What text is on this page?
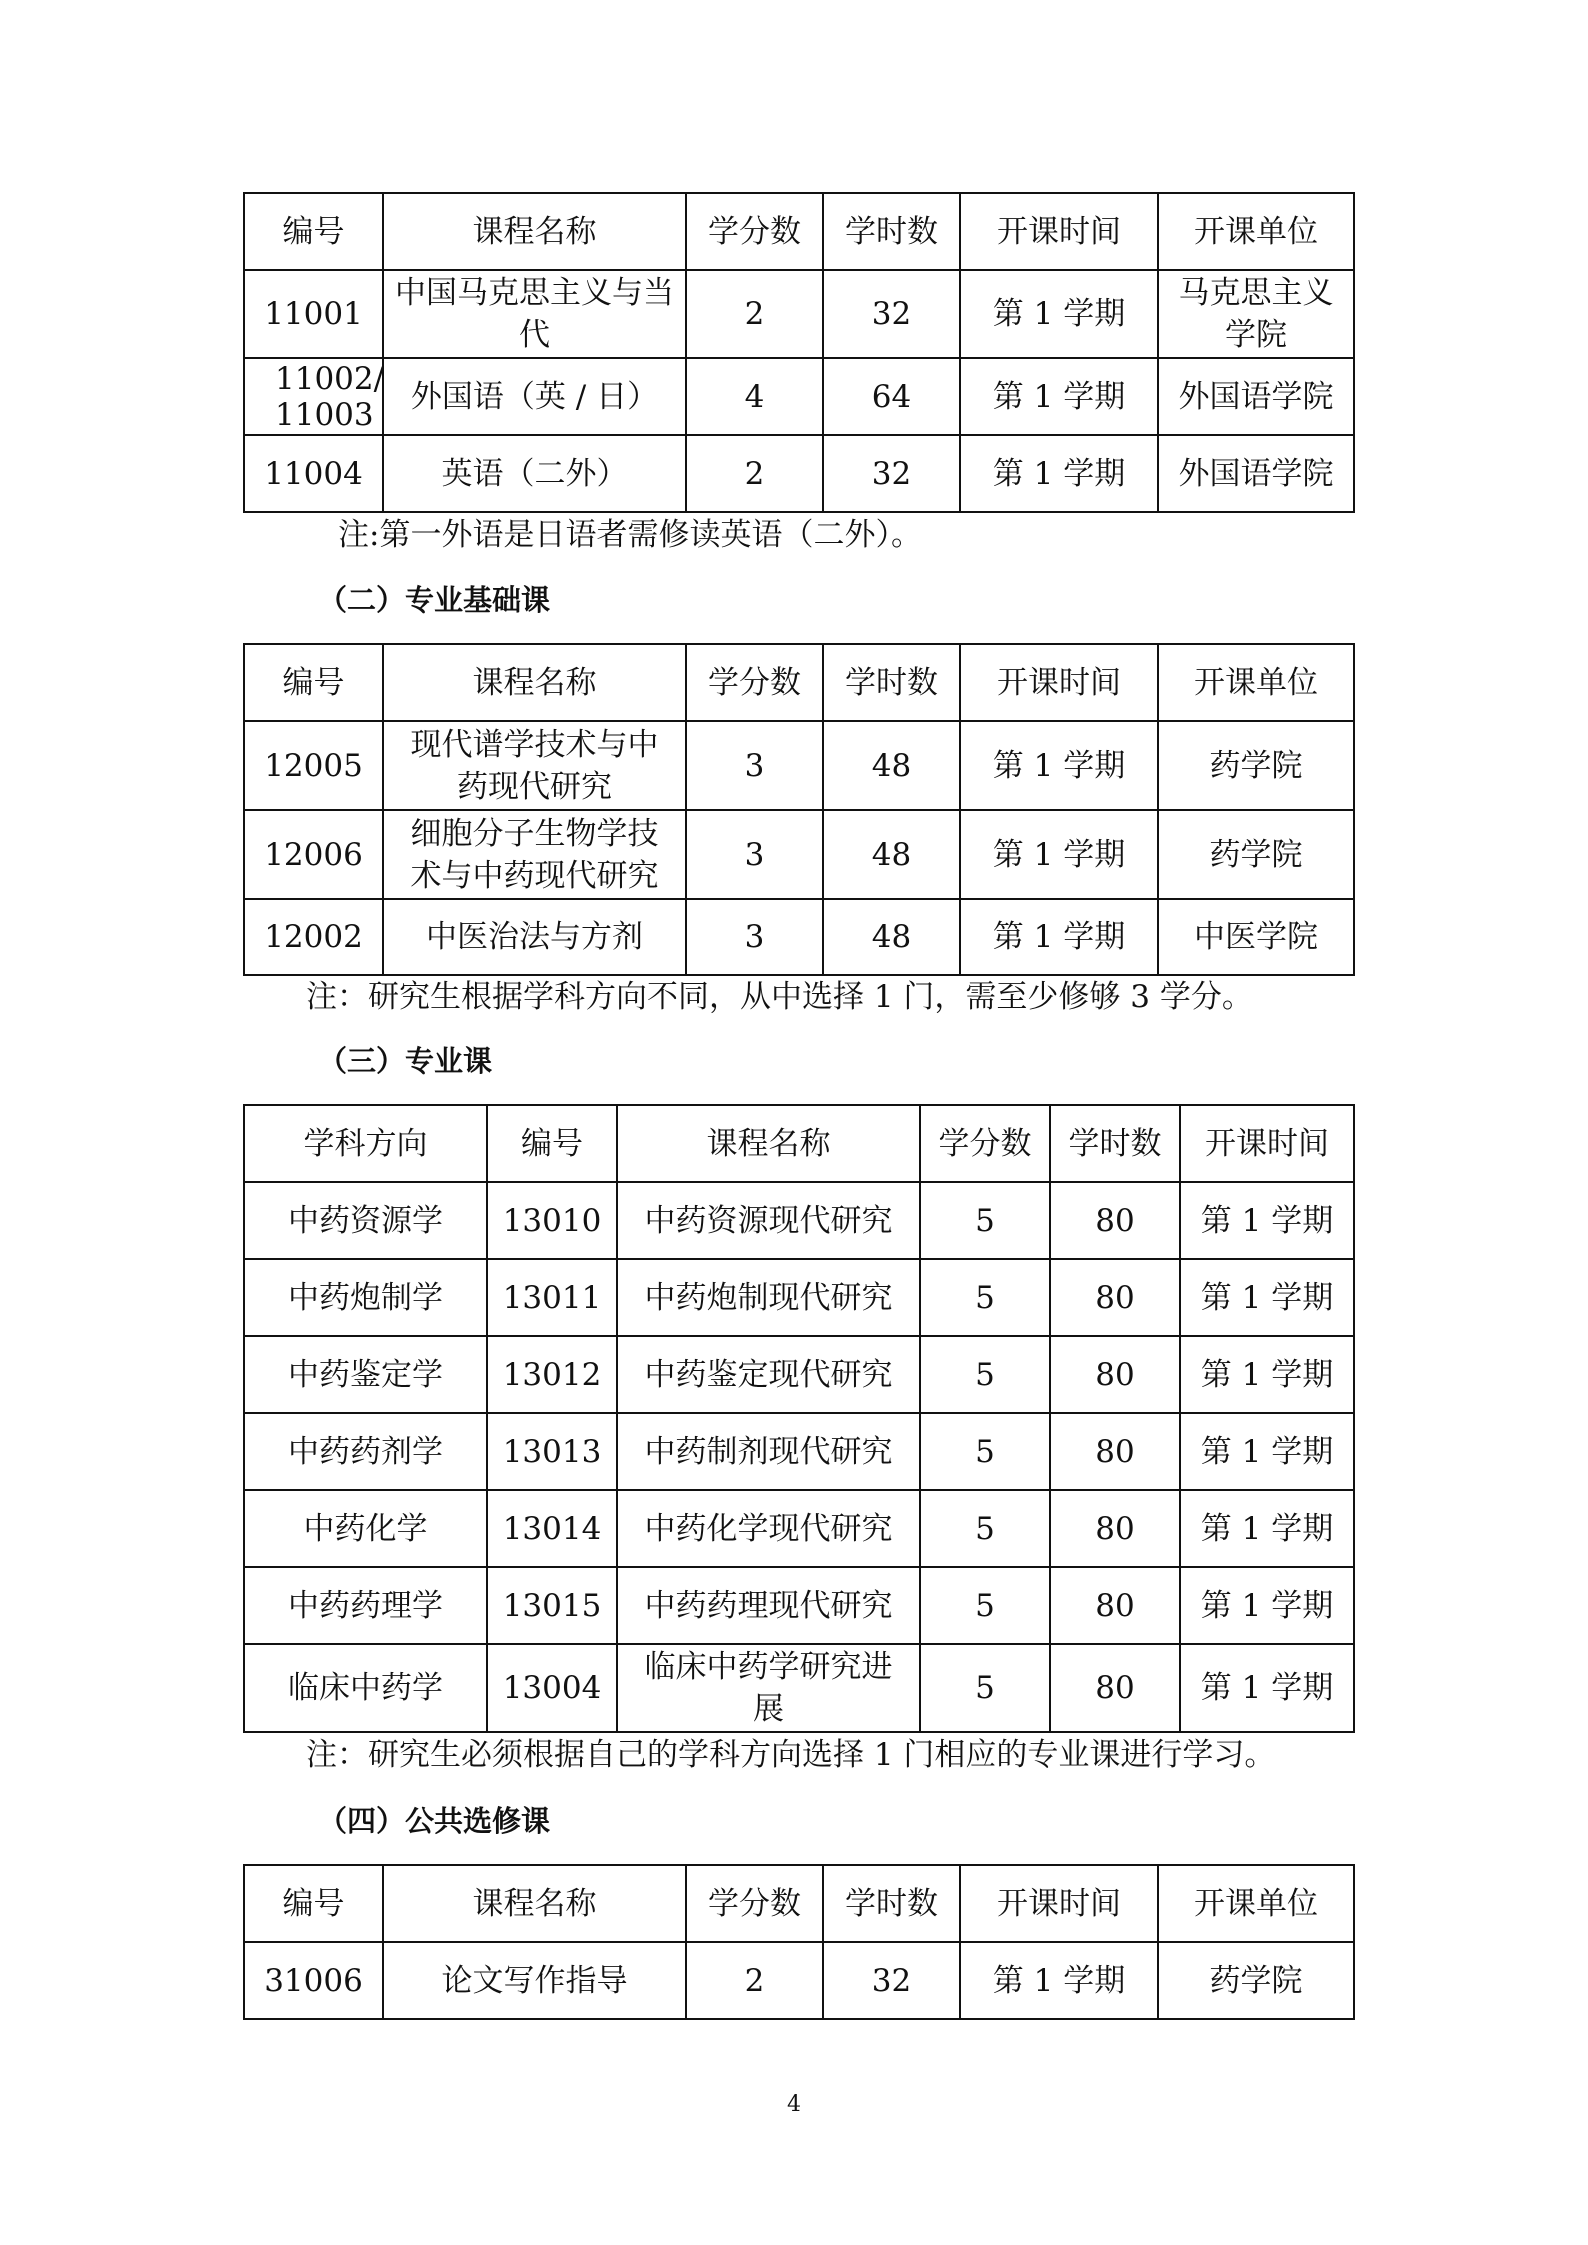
编号	课程名称	学分数	学时数	开课时间	开课单位
11001	中国马克思主义与当代	2	32	第 1 学期	马克思主义学院
11002/ 11003	外国语（英 / 日）	4	64	第 1 学期	外国语学院
11004	英语（二外）	2	32	第 1 学期	外国语学院
注:第一外语是日语者需修读英语（二外）。
（二）专业基础课
编号	课程名称	学分数	学时数	开课时间	开课单位
12005	现代谱学技术与中药现代研究	3	48	第 1 学期	药学院
12006	细胞分子生物学技术与中药现代研究	3	48	第 1 学期	药学院
12002	中医治法与方剂	3	48	第 1 学期	中医学院
注：研究生根据学科方向不同，从中选择 1 门，需至少修够 3 学分。
（三）专业课
学科方向	编号	课程名称	学分数	学时数	开课时间
中药资源学	13010	中药资源现代研究	5	80	第 1 学期
中药炮制学	13011	中药炮制现代研究	5	80	第 1 学期
中药鉴定学	13012	中药鉴定现代研究	5	80	第 1 学期
中药药剂学	13013	中药制剂现代研究	5	80	第 1 学期
中药化学	13014	中药化学现代研究	5	80	第 1 学期
中药药理学	13015	中药药理现代研究	5	80	第 1 学期
临床中药学	13004	临床中药学研究进展	5	80	第 1 学期
注：研究生必须根据自己的学科方向选择 1 门相应的专业课进行学习。
（四）公共选修课
编号	课程名称	学分数	学时数	开课时间	开课单位
31006	论文写作指导	2	32	第 1 学期	药学院
4
